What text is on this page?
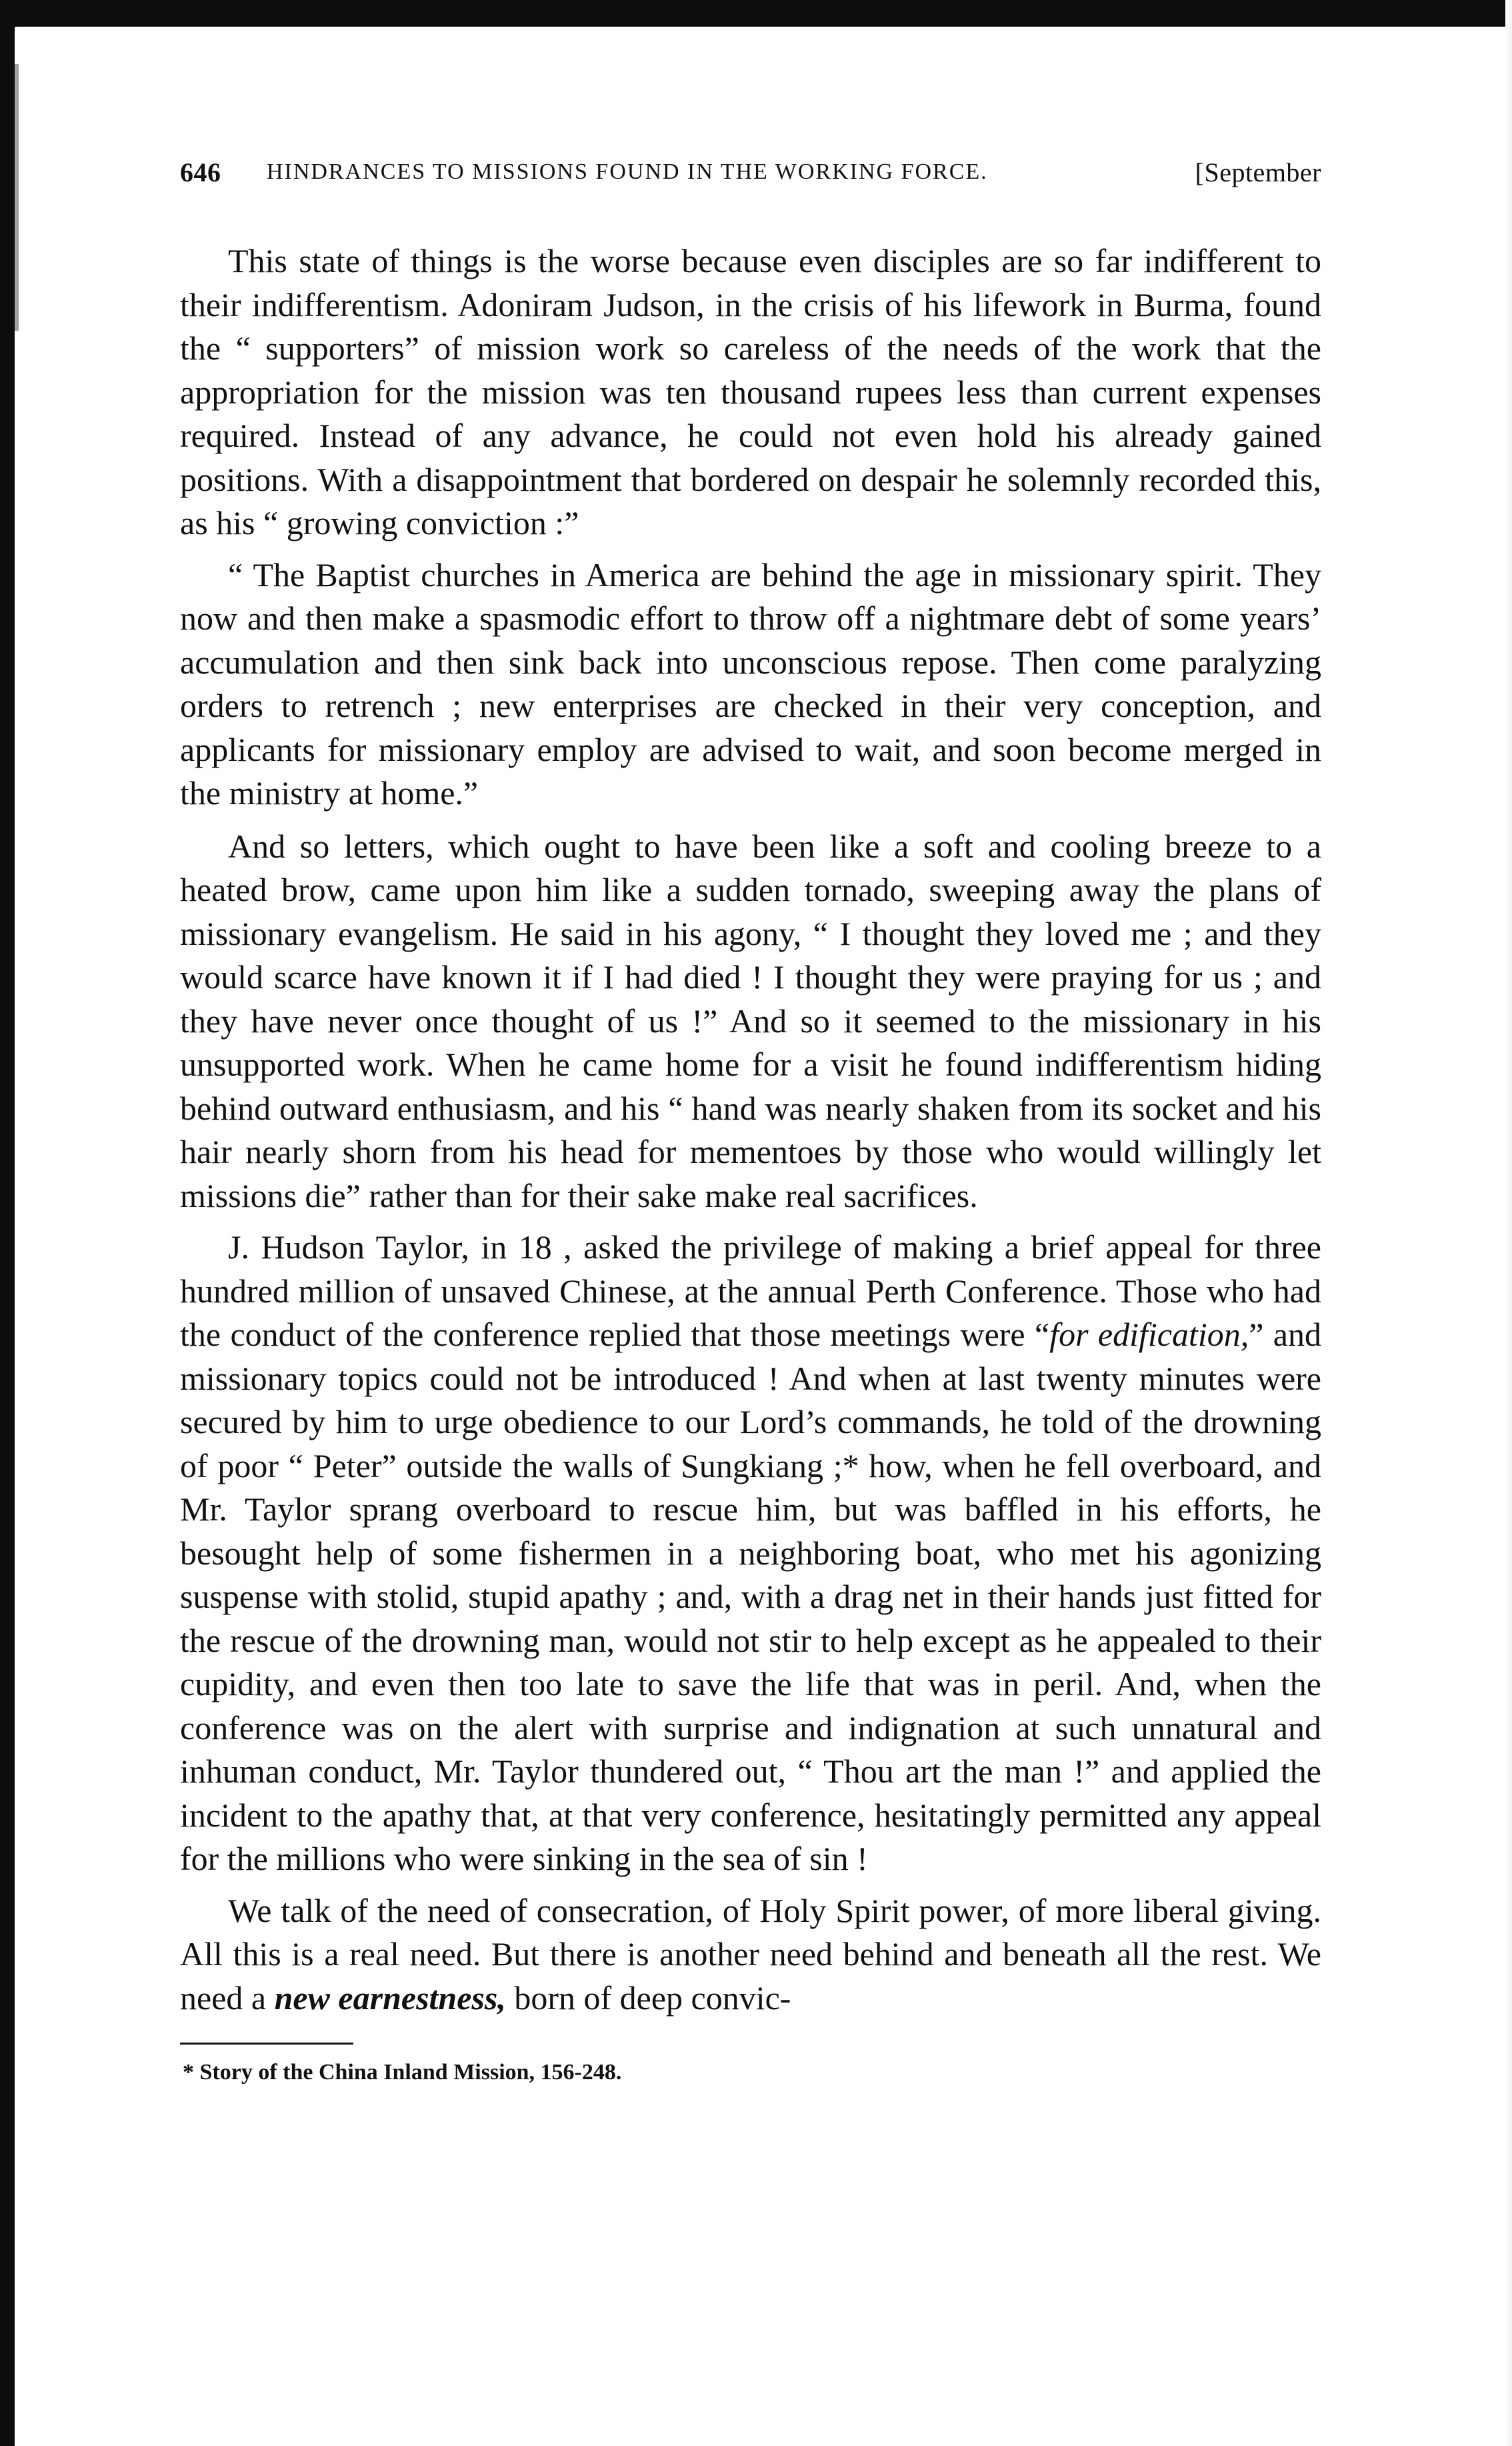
646 HINDRANCES TO MISSIONS FOUND IN THE WORKING FORCE.	[September

This state of things is the worse because even disciples are so far indifferent to their indifferentism. Adoniram Judson, in the crisis of his lifework in Burma, found the “ supporters” of mission work so careless of the needs of the work that the appropriation for the mission was ten thousand rupees less than current expenses required. Instead of any advance, he could not even hold his already gained positions. With a disappointment that bordered on despair he solemnly recorded this, as his “ growing conviction :”

“ The Baptist churches in America are behind the age in missionary spirit. They now and then make a spasmodic effort to throw off a nightmare debt of some years’ accumulation and then sink back into unconscious repose. Then come paralyzing orders to retrench ; new enterprises are checked in their very conception, and applicants for missionary employ are advised to wait, and soon become merged in the ministry at home.”

And so letters, which ought to have been like a soft and cooling breeze to a heated brow, came upon him like a sudden tornado, sweeping away the plans of missionary evangelism. He said in his agony, “ I thought they loved me ; and they would scarce have known it if I had died ! I thought they were praying for us ; and they have never once thought of us !” And so it seemed to the missionary in his unsupported work. When he came home for a visit he found indifferentism hiding behind outward enthusiasm, and his “ hand was nearly shaken from its socket and his hair nearly shorn from his head for mementoes by those who would willingly let missions die” rather than for their sake make real sacrifices.

J. Hudson Taylor, in 18 , asked the privilege of making a brief appeal for three hundred million of unsaved Chinese, at the annual Perth Conference. Those who had the conduct of the conference replied that those meetings were “for edification,” and missionary topics could not be introduced ! And when at last twenty minutes were secured by him to urge obedience to our Lord’s commands, he told of the drowning of poor “ Peter” outside the walls of Sungkiang ;* how, when he fell overboard, and Mr. Taylor sprang overboard to rescue him, but was baffled in his efforts, he besought help of some fishermen in a neighboring boat, who met his agonizing suspense with stolid, stupid apathy ; and, with a drag net in their hands just fitted for the rescue of the drowning man, would not stir to help except as he appealed to their cupidity, and even then too late to save the life that was in peril. And, when the conference was on the alert with surprise and indignation at such unnatural and inhuman conduct, Mr. Taylor thundered out, “ Thou art the man !” and applied the incident to the apathy that, at that very conference, hesitatingly permitted any appeal for the millions who were sinking in the sea of sin !

We talk of the need of consecration, of Holy Spirit power, of more liberal giving. All this is a real need. But there is another need behind and beneath all the rest. We need a new earnestness, born of deep convic-

* Story of the China Inland Mission, 156-248.
